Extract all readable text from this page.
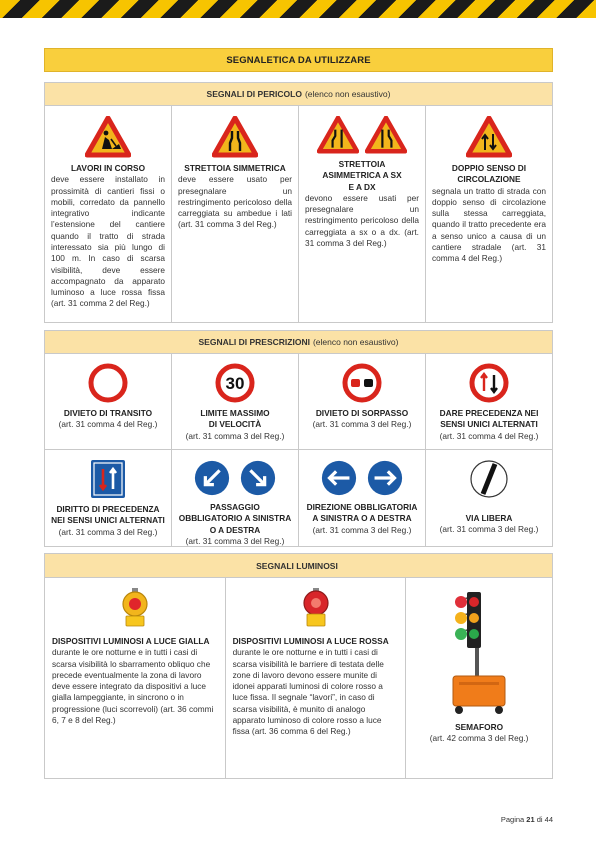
SEGNALETICA DA UTILIZZARE
SEGNALI DI PERICOLO (elenco non esaustivo)
LAVORI IN CORSO
deve essere installato in prossimità di cantieri fissi o mobili, corredato da pannello integrativo indicante l’estensione del cantiere quando il tratto di strada interessato sia più lungo di 100 m. In caso di scarsa visibilità, deve essere accompagnato da apparato luminoso a luce rossa fissa (art. 31 comma 2 del Reg.)
STRETTOIA SIMMETRICA
deve essere usato per presegnalare un restringimento pericoloso della carreggiata su ambedue i lati (art. 31 comma 3 del Reg.)
STRETTOIA ASIMMETRICA A SX E A DX
devono essere usati per presegnalare un restringimento pericoloso della carreggiata a sx o a dx. (art. 31 comma 3 del Reg.)
DOPPIO SENSO DI CIRCOLAZIONE
segnala un tratto di strada con doppio senso di circolazione sulla stessa carreggiata, quando il tratto precedente era a senso unico a causa di un cantiere stradale (art. 31 comma 4 del Reg.)
SEGNALI DI PRESCRIZIONI (elenco non esaustivo)
DIVIETO DI TRANSITO
(art. 31 comma 4 del Reg.)
30
LIMITE MASSIMO DI VELOCITÀ
(art. 31 comma 3 del Reg.)
DIVIETO DI SORPASSO
(art. 31 comma 3 del Reg.)
DARE PRECEDENZA NEI SENSI UNICI ALTERNATI
(art. 31 comma 4 del Reg.)
DIRITTO DI PRECEDENZA NEI SENSI UNICI ALTERNATI
(art. 31 comma 3 del Reg.)
PASSAGGIO OBBLIGATORIO A SINISTRA O A DESTRA
(art. 31 comma 3 del Reg.)
DIREZIONE OBBLIGATORIA A SINISTRA O A DESTRA
(art. 31 comma 3 del Reg.)
VIA LIBERA
(art. 31 comma 3 del Reg.)
SEGNALI LUMINOSI
DISPOSITIVI LUMINOSI A LUCE GIALLA
durante le ore notturne e in tutti i casi di scarsa visibilità lo sbarramento obliquo che precede eventualmente la zona di lavoro deve essere integrato da dispositivi a luce gialla lampeggiante, in sincrono o in progressione (luci scorrevoli) (art. 36 commi 6, 7 e 8 del Reg.)
DISPOSITIVI LUMINOSI A LUCE ROSSA
durante le ore notturne e in tutti i casi di scarsa visibilità le barriere di testata delle zone di lavoro devono essere munite di idonei apparati luminosi di colore rosso a luce fissa. Il segnale “lavori”, in caso di scarsa visibilità, è munito di analogo apparato luminoso di colore rosso a luce fissa (art. 36 comma 6 del Reg.)	SEMAFORO
(art. 42 comma 3 del Reg.)
Pagina 21 di 44
